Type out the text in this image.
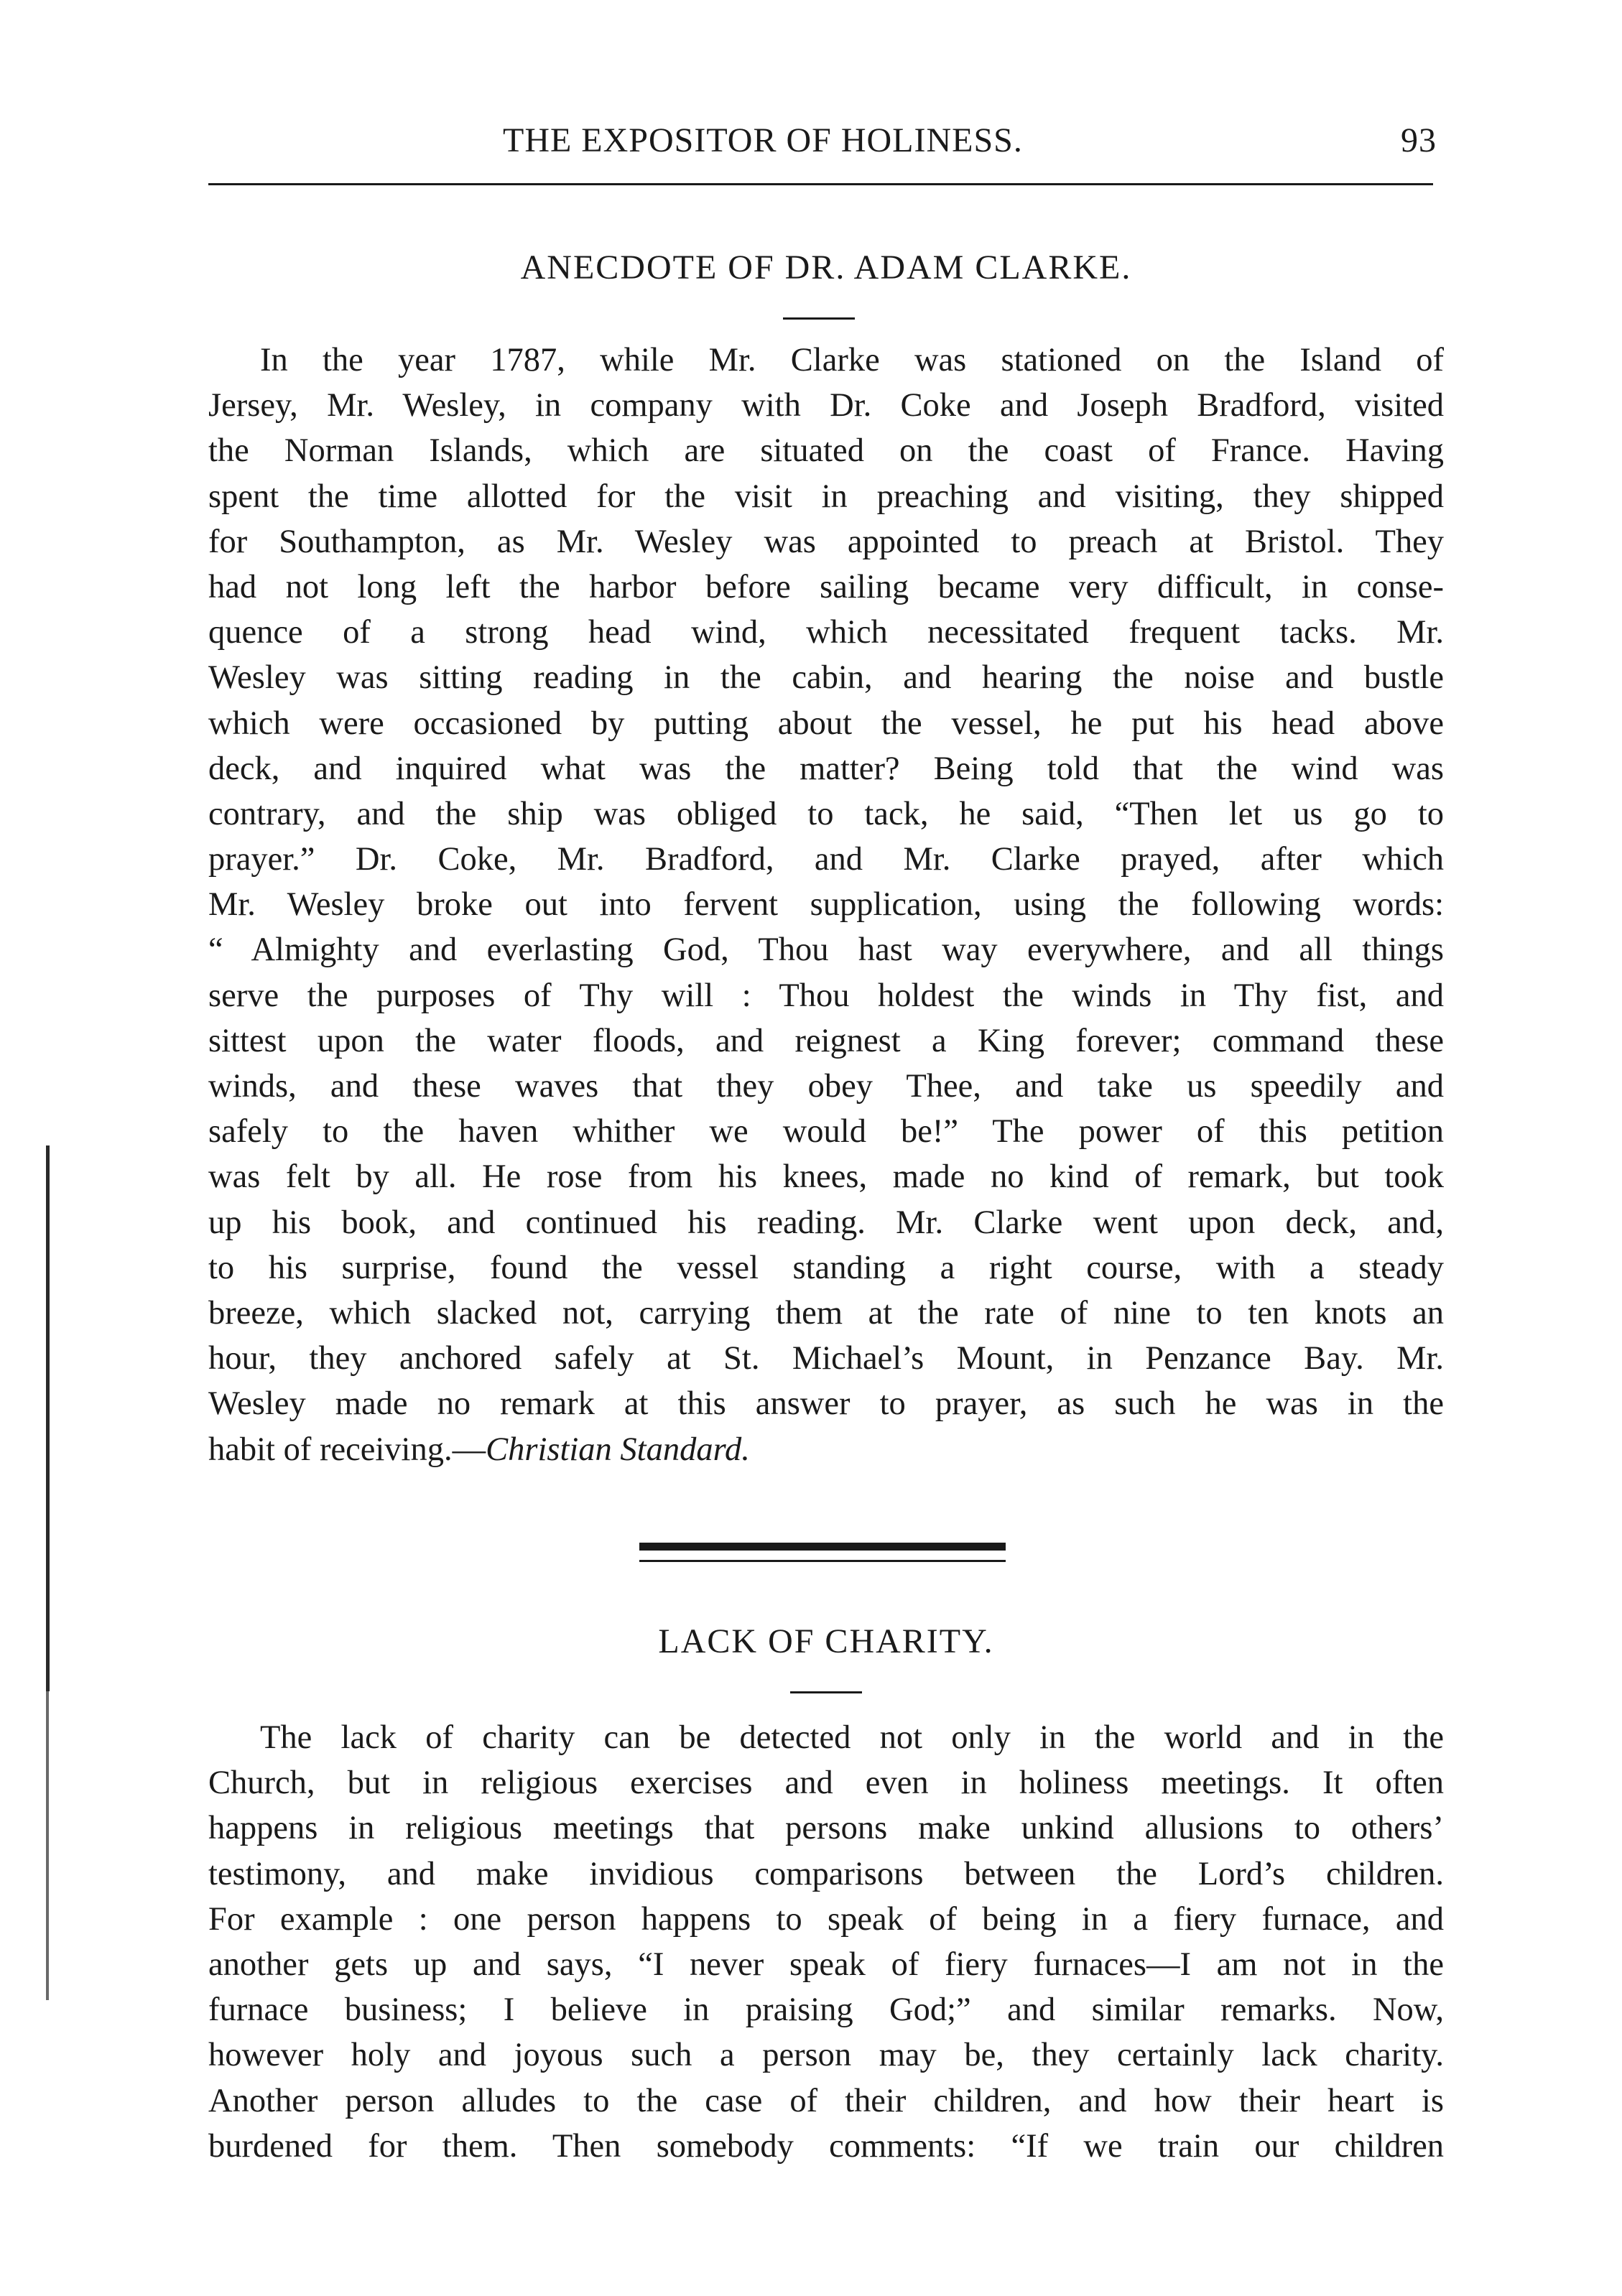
THE EXPOSITOR OF HOLINESS.	93
ANECDOTE OF DR. ADAM CLARKE.
In the year 1787, while Mr. Clarke was stationed on the Island of
Jersey, Mr. Wesley, in company with Dr. Coke and Joseph Bradford, visited
the Norman Islands, which are situated on the coast of France. Having
spent the time allotted for the visit in preaching and visiting, they shipped
for Southampton, as Mr. Wesley was appointed to preach at Bristol. They
had not long left the harbor before sailing became very difficult, in conse-
quence of a strong head wind, which necessitated frequent tacks. Mr.
Wesley was sitting reading in the cabin, and hearing the noise and bustle
which were occasioned by putting about the vessel, he put his head above
deck, and inquired what was the matter? Being told that the wind was
contrary, and the ship was obliged to tack, he said, “Then let us go to
prayer.” Dr. Coke, Mr. Bradford, and Mr. Clarke prayed, after which
Mr. Wesley broke out into fervent supplication, using the following words:
“ Almighty and everlasting God, Thou hast way everywhere, and all things
serve the purposes of Thy will : Thou holdest the winds in Thy fist, and
sittest upon the water floods, and reignest a King forever; command these
winds, and these waves that they obey Thee, and take us speedily and
safely to the haven whither we would be!” The power of this petition
was felt by all. He rose from his knees, made no kind of remark, but took
up his book, and continued his reading. Mr. Clarke went upon deck, and,
to his surprise, found the vessel standing a right course, with a steady
breeze, which slacked not, carrying them at the rate of nine to ten knots an
hour, they anchored safely at St. Michael’s Mount, in Penzance Bay. Mr.
Wesley made no remark at this answer to prayer, as such he was in the
habit of receiving.—Christian Standard.
LACK OF CHARITY.
The lack of charity can be detected not only in the world and in the
Church, but in religious exercises and even in holiness meetings. It often
happens in religious meetings that persons make unkind allusions to others’
testimony, and make invidious comparisons between the Lord’s children.
For example : one person happens to speak of being in a fiery furnace, and
another gets up and says, “I never speak of fiery furnaces—I am not in the
furnace business; I believe in praising God;” and similar remarks. Now,
however holy and joyous such a person may be, they certainly lack charity.
Another person alludes to the case of their children, and how their heart is
burdened for them. Then somebody comments: “If we train our children
